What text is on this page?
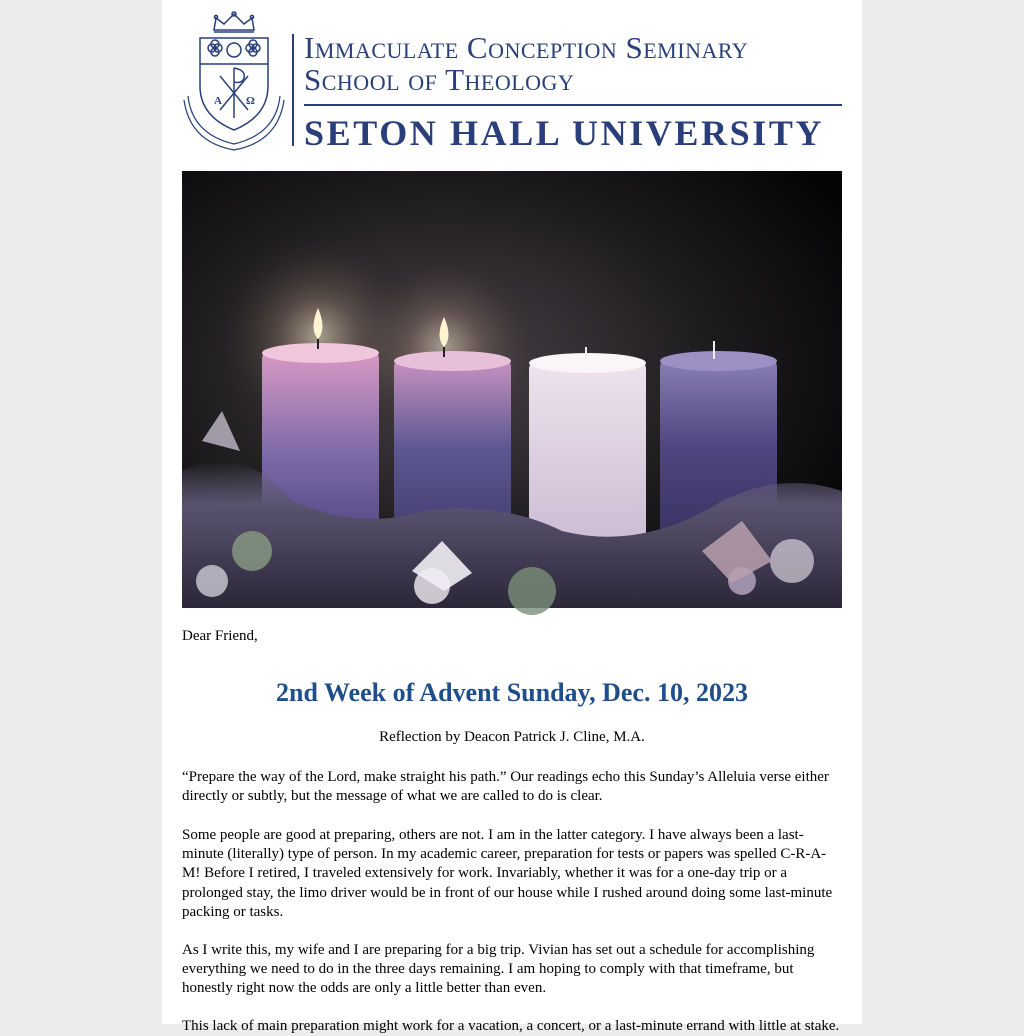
A Ω
Immaculate Conception Seminary
School of Theology
SETON HALL UNIVERSITY
Dear Friend,
2nd Week of Advent Sunday, Dec. 10, 2023
Reflection by Deacon Patrick J. Cline, M.A.

“Prepare the way of the Lord, make straight his path.” Our readings echo this Sunday’s Alleluia verse either directly or subtly, but the message of what we are called to do is clear.

Some people are good at preparing, others are not. I am in the latter category. I have always been a last-minute (literally) type of person. In my academic career, preparation for tests or papers was spelled C-R-A-M! Before I retired, I traveled extensively for work. Invariably, whether it was for a one-day trip or a prolonged stay, the limo driver would be in front of our house while I rushed around doing some last-minute packing or tasks.

As I write this, my wife and I are preparing for a big trip. Vivian has set out a schedule for accomplishing everything we need to do in the three days remaining. I am hoping to comply with that timeframe, but honestly right now the odds are only a little better than even.

This lack of main preparation might work for a vacation, a concert, or a last-minute errand with little at stake.
